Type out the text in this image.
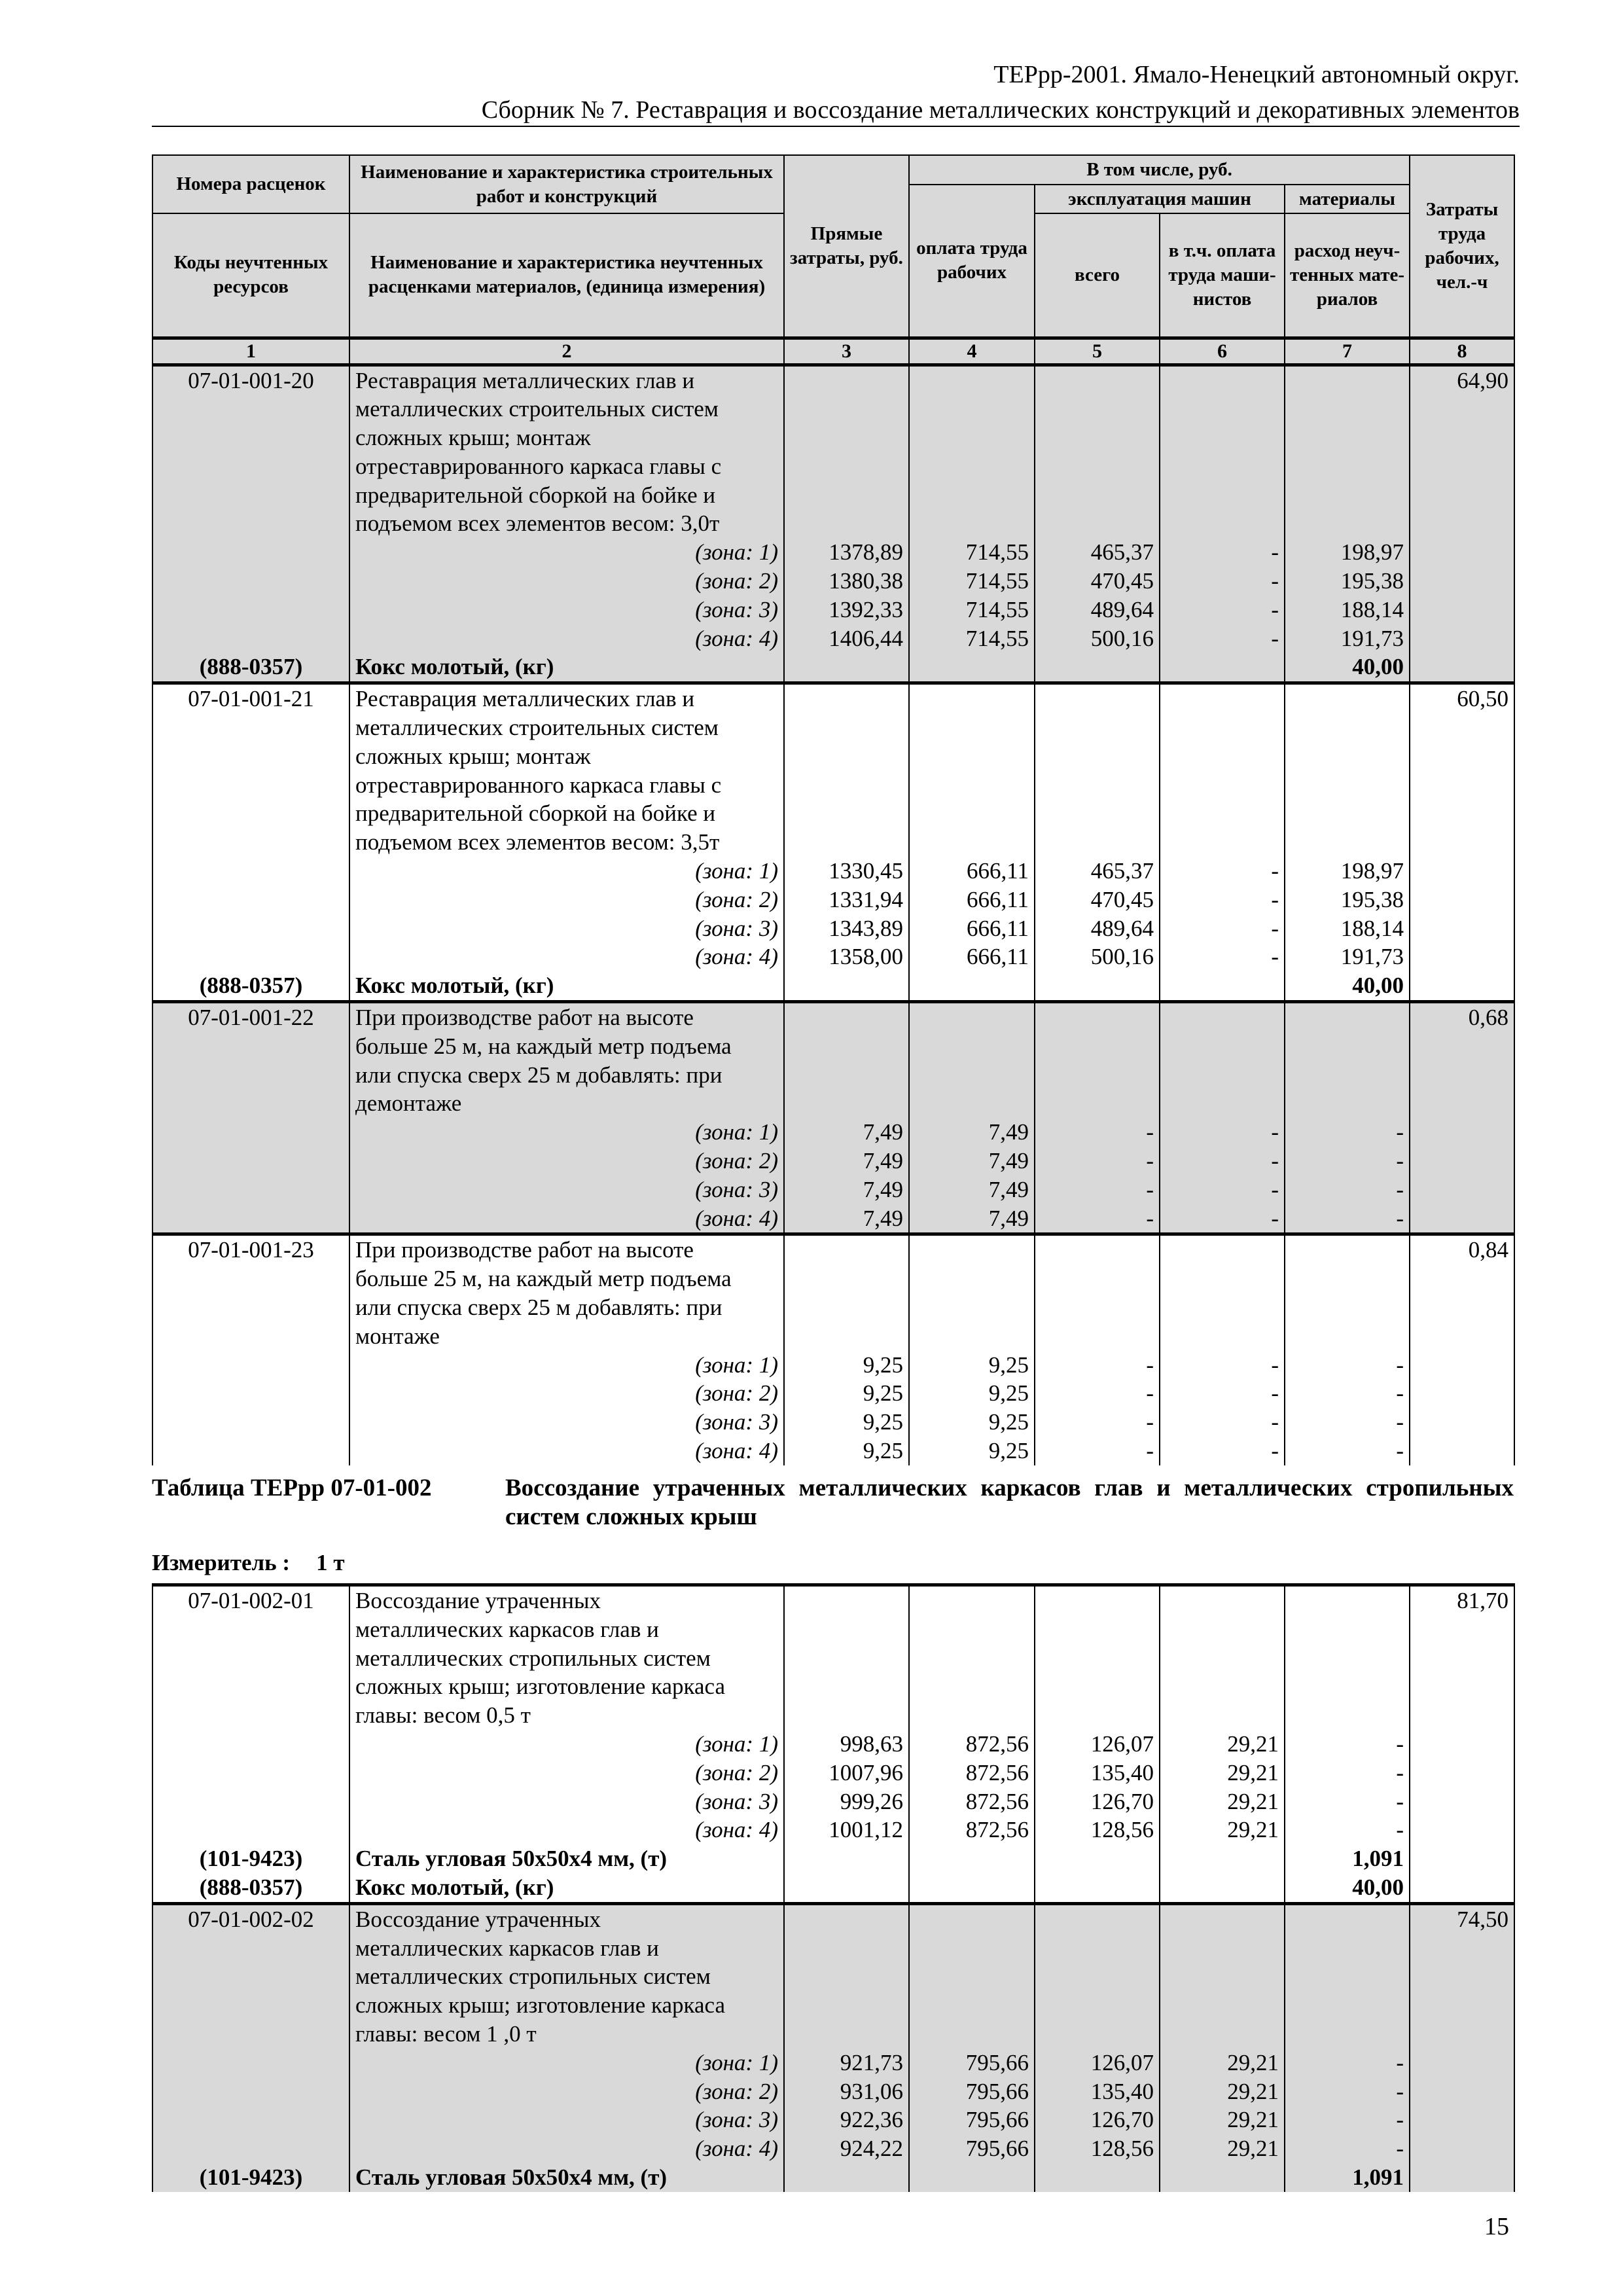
ТЕРрр-2001. Ямало-Ненецкий автономный округ.
Сборник № 7. Реставрация и воссоздание металлических конструкций и декоративных элементов
Номера расценок	Наименование и характеристика строительных работ и конструкций	Прямые затраты, руб.	В том числе, руб.				Затраты труда рабочих, чел.-ч
			оплата труда рабочих	эксплуатация машин		материалы	
Коды неучтенных ресурсов	Наименование и характеристика неучтенных расценками материалов, (единица измерения)			всего	в т.ч. оплата труда маши-нистов	расход неуч-тенных мате-риалов	
1	2	3	4	5	6	7	8
07-01-001-20	Реставрация металлических глав и						64,90
	металлических строительных систем						
	сложных крыш; монтаж						
	отреставрированного каркаса главы с						
	предварительной сборкой на бойке и						
	подъемом всех элементов весом: 3,0т						
	(зона: 1)	1378,89	714,55	465,37	-	198,97	
	(зона: 2)	1380,38	714,55	470,45	-	195,38	
	(зона: 3)	1392,33	714,55	489,64	-	188,14	
	(зона: 4)	1406,44	714,55	500,16	-	191,73	
(888-0357)	Кокс молотый, (кг)					40,00	
07-01-001-21	Реставрация металлических глав и						60,50
	металлических строительных систем						
	сложных крыш; монтаж						
	отреставрированного каркаса главы с						
	предварительной сборкой на бойке и						
	подъемом всех элементов весом: 3,5т						
	(зона: 1)	1330,45	666,11	465,37	-	198,97	
	(зона: 2)	1331,94	666,11	470,45	-	195,38	
	(зона: 3)	1343,89	666,11	489,64	-	188,14	
	(зона: 4)	1358,00	666,11	500,16	-	191,73	
(888-0357)	Кокс молотый, (кг)					40,00	
07-01-001-22	При производстве работ на высоте						0,68
	больше 25 м, на каждый метр подъема						
	или спуска сверх 25 м добавлять: при						
	демонтаже						
	(зона: 1)	7,49	7,49	-	-	-	
	(зона: 2)	7,49	7,49	-	-	-	
	(зона: 3)	7,49	7,49	-	-	-	
	(зона: 4)	7,49	7,49	-	-	-	
07-01-001-23	При производстве работ на высоте						0,84
	больше 25 м, на каждый метр подъема						
	или спуска сверх 25 м добавлять: при						
	монтаже						
	(зона: 1)	9,25	9,25	-	-	-	
	(зона: 2)	9,25	9,25	-	-	-	
	(зона: 3)	9,25	9,25	-	-	-	
	(зона: 4)	9,25	9,25	-	-	-	
Таблица ТЕРрр 07-01-002	Воссоздание утраченных металлических каркасов глав и металлических стропильных систем сложных крыш
Измеритель : 1 т
07-01-002-01	Воссоздание утраченных						81,70
	металлических каркасов глав и						
	металлических стропильных систем						
	сложных крыш; изготовление каркаса						
	главы: весом 0,5 т						
	(зона: 1)	998,63	872,56	126,07	29,21	-	
	(зона: 2)	1007,96	872,56	135,40	29,21	-	
	(зона: 3)	999,26	872,56	126,70	29,21	-	
	(зона: 4)	1001,12	872,56	128,56	29,21	-	
(101-9423)	Сталь угловая 50х50х4 мм, (т)					1,091	
(888-0357)	Кокс молотый, (кг)					40,00	
07-01-002-02	Воссоздание утраченных						74,50
	металлических каркасов глав и						
	металлических стропильных систем						
	сложных крыш; изготовление каркаса						
	главы: весом 1 ,0 т						
	(зона: 1)	921,73	795,66	126,07	29,21	-	
	(зона: 2)	931,06	795,66	135,40	29,21	-	
	(зона: 3)	922,36	795,66	126,70	29,21	-	
	(зона: 4)	924,22	795,66	128,56	29,21	-	
(101-9423)	Сталь угловая 50х50х4 мм, (т)					1,091	
15
